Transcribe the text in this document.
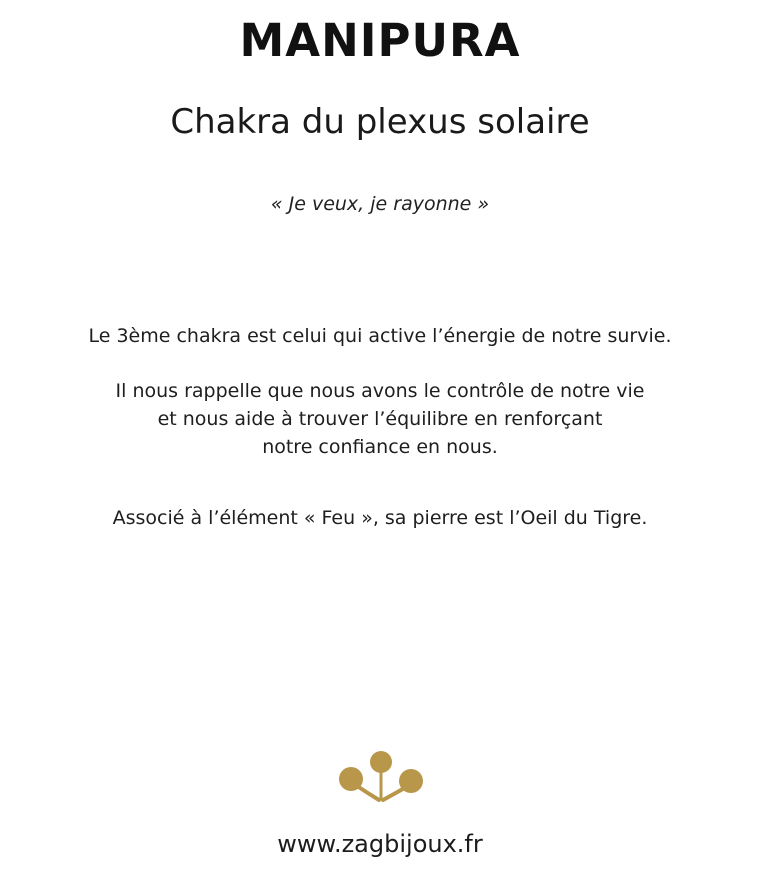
MANIPURA
Chakra du plexus solaire
« Je veux, je rayonne »
Le 3ème chakra est celui qui active l’énergie de notre survie.
Il nous rappelle que nous avons le contrôle de notre vie
et nous aide à trouver l’équilibre en renforçant
notre confiance en nous.
Associé à l’élément « Feu », sa pierre est l’Oeil du Tigre.
www.zagbijoux.fr
